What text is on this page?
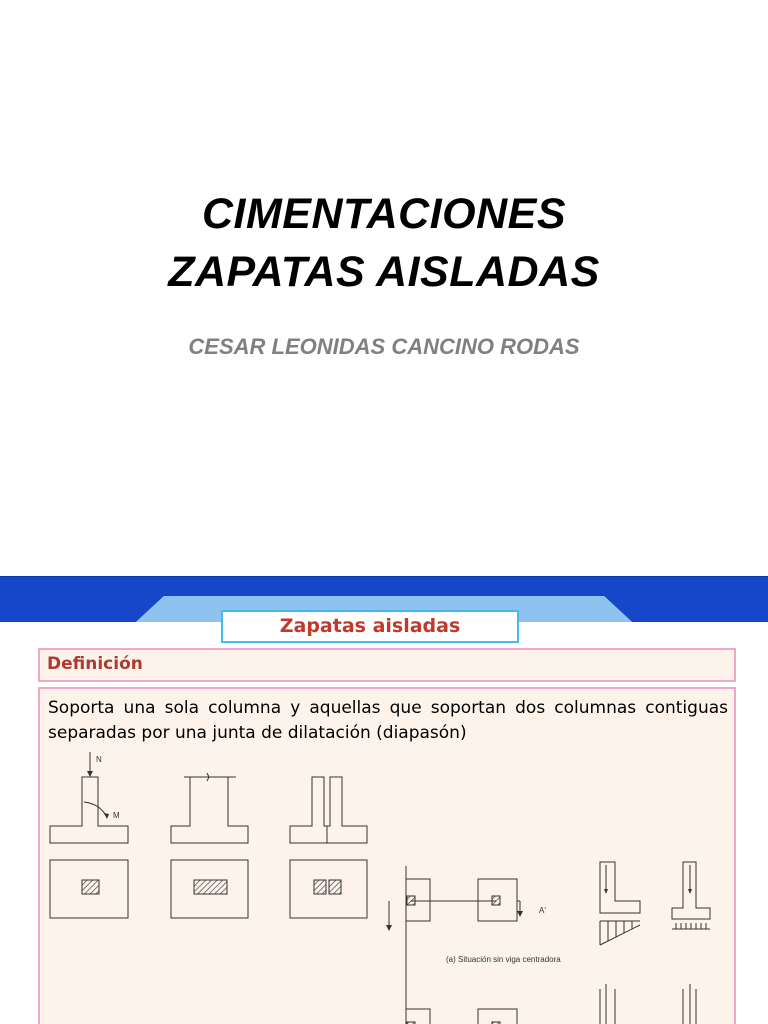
CIMENTACIONES
ZAPATAS AISLADAS
CESAR LEONIDAS CANCINO RODAS
Zapatas aisladas
Definición
Soporta una sola columna y aquellas que soportan dos columnas contiguas separadas por una junta de dilatación (diapasón)
N
M
A'
(a) Situación sin viga centradora
